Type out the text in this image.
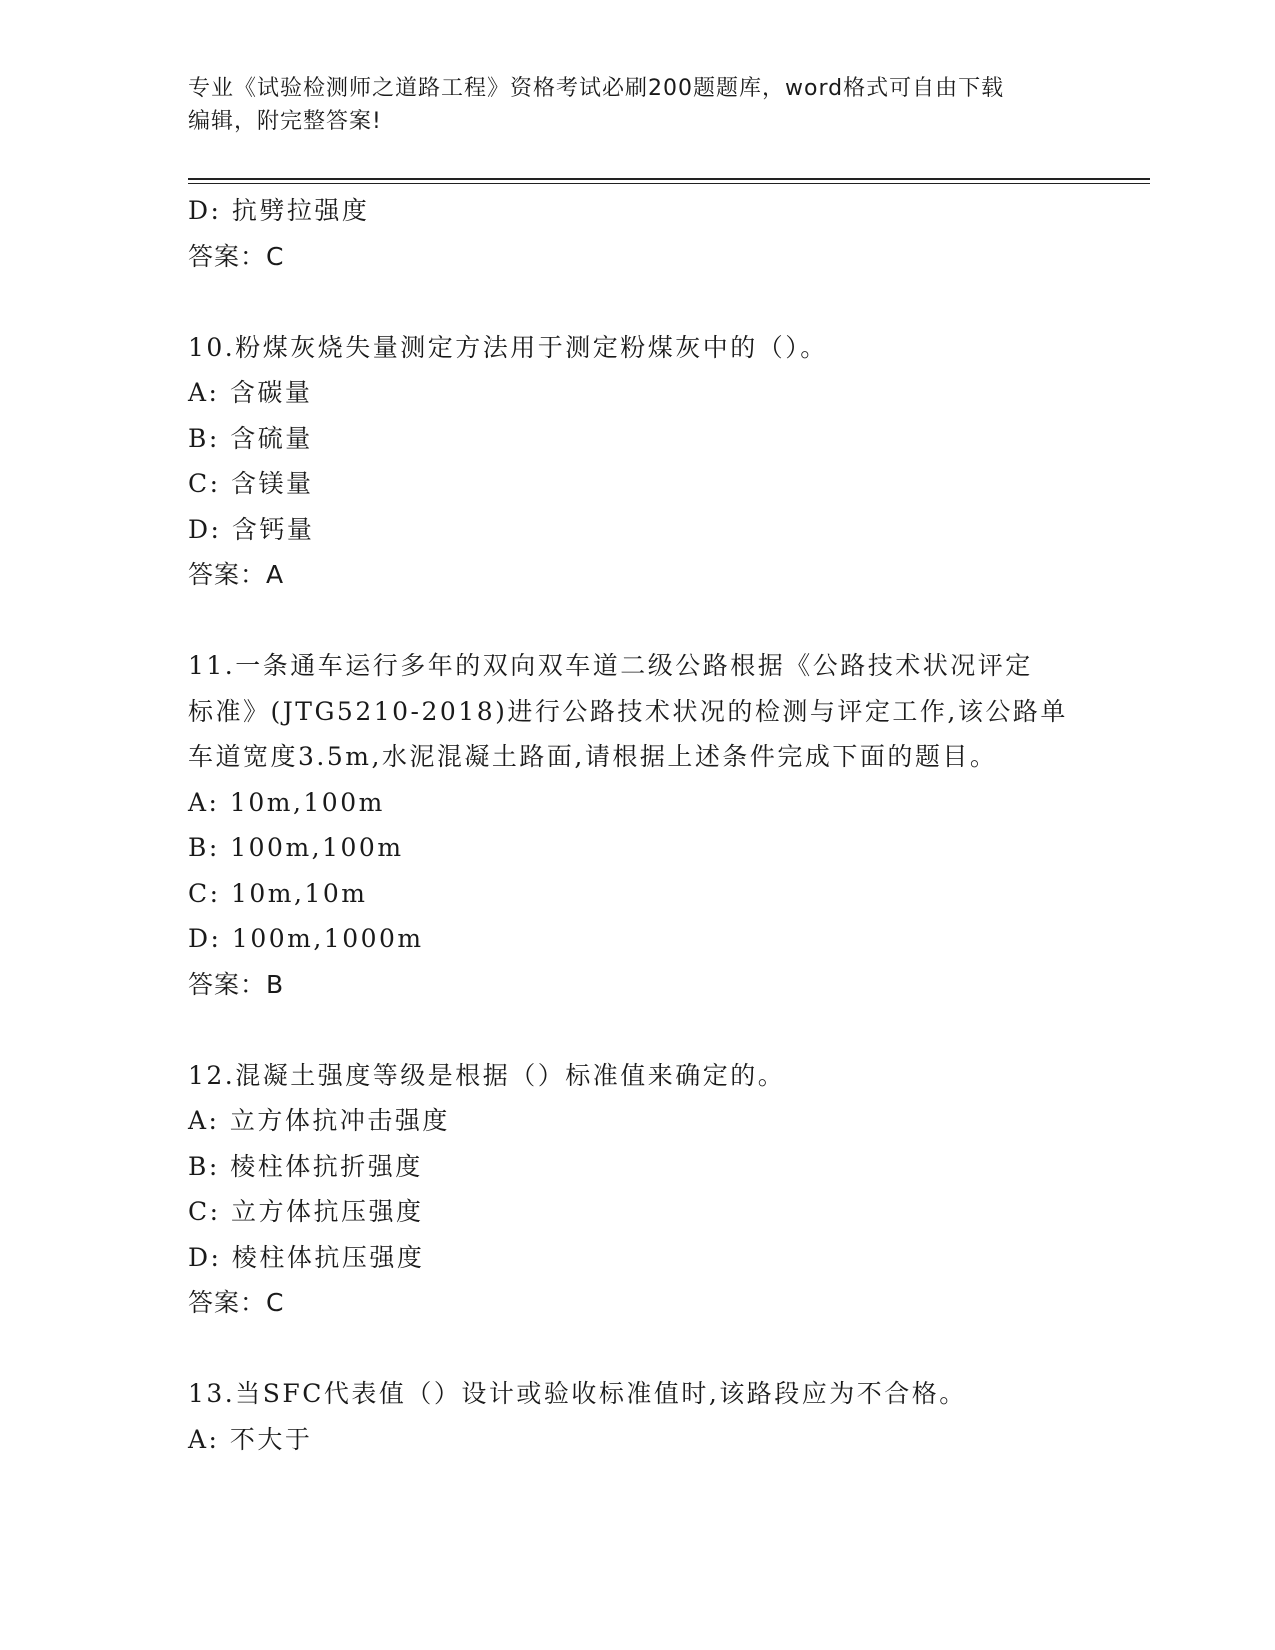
专业《试验检测师之道路工程》资格考试必刷200题题库，word格式可自由下载
编辑，附完整答案!
D: 抗劈拉强度
答案：C
10.粉煤灰烧失量测定方法用于测定粉煤灰中的（）。
A: 含碳量
B: 含硫量
C: 含镁量
D: 含钙量
答案：A
11.一条通车运行多年的双向双车道二级公路根据《公路技术状况评定
标准》(JTG5210-2018)进行公路技术状况的检测与评定工作,该公路单
车道宽度3.5m,水泥混凝土路面,请根据上述条件完成下面的题目。
A: 10m,100m
B: 100m,100m
C: 10m,10m
D: 100m,1000m
答案：B
12.混凝土强度等级是根据（）标准值来确定的。
A: 立方体抗冲击强度
B: 棱柱体抗折强度
C: 立方体抗压强度
D: 棱柱体抗压强度
答案：C
13.当SFC代表值（）设计或验收标准值时,该路段应为不合格。
A: 不大于
